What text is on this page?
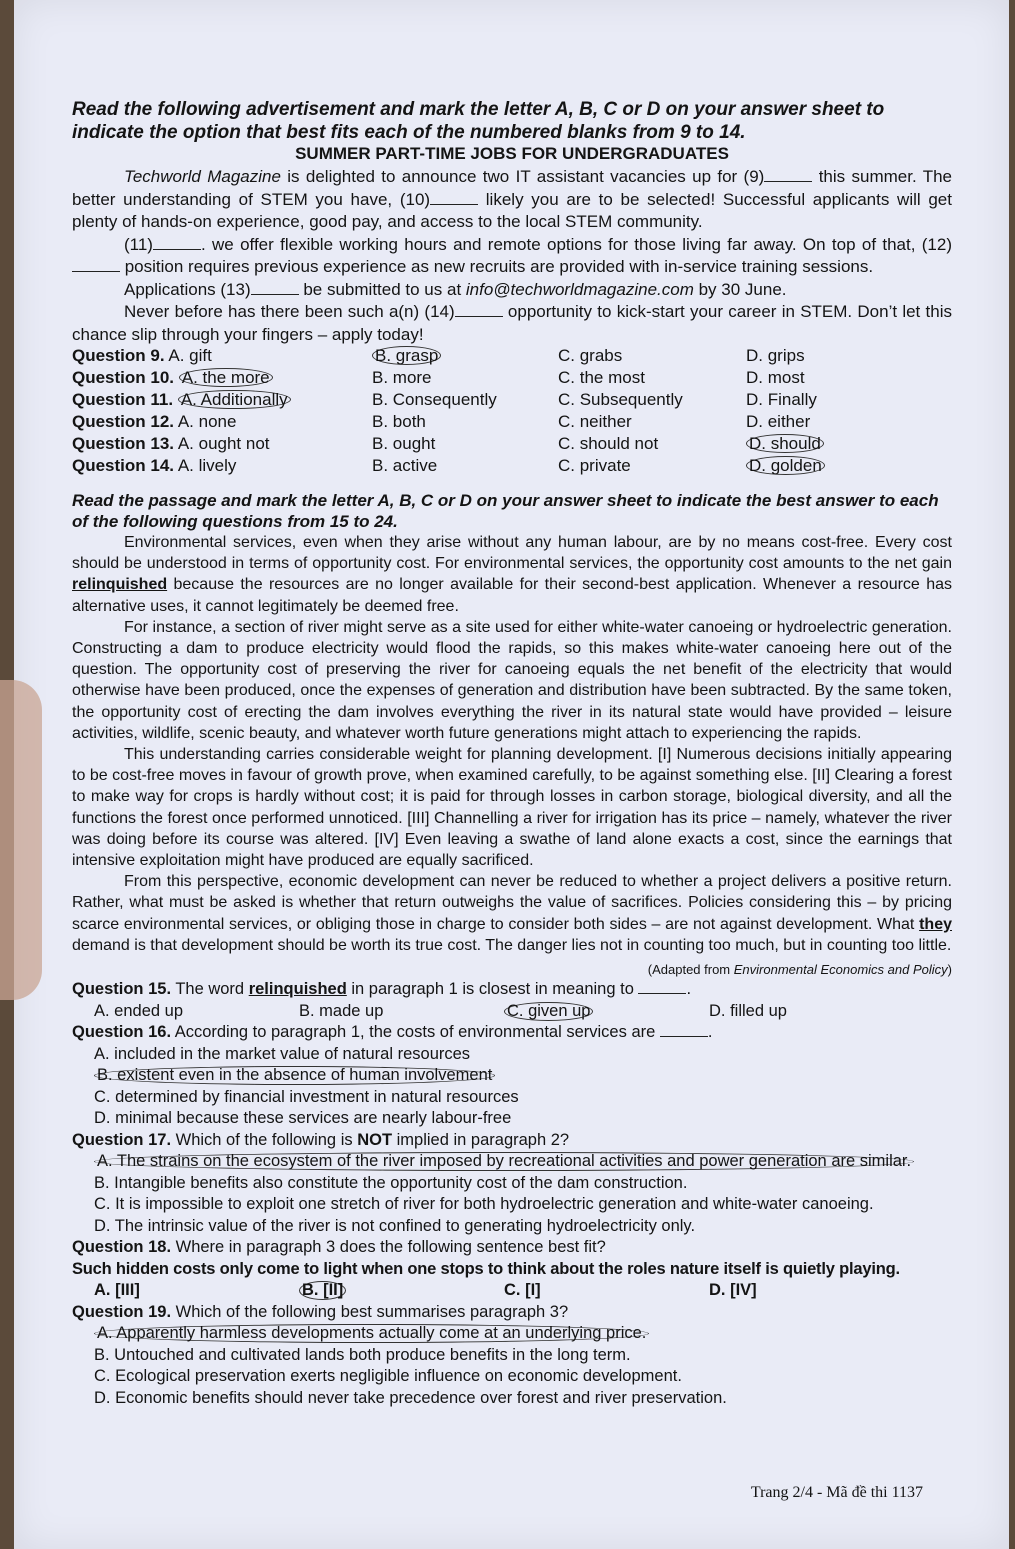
Read the following advertisement and mark the letter A, B, C or D on your answer sheet to indicate the option that best fits each of the numbered blanks from 9 to 14.

SUMMER PART-TIME JOBS FOR UNDERGRADUATES

Techworld Magazine is delighted to announce two IT assistant vacancies up for (9)	this summer. The better understanding of STEM you have, (10)	likely you are to be selected! Successful applicants will get plenty of hands-on experience, good pay, and access to the local STEM community.

(11)	. we offer flexible working hours and remote options for those living far away. On top of that, (12) position requires previous experience as new recruits are provided with in-service training sessions.

Applications (13)	be submitted to us at info@techworldmagazine.com by 30 June.

Never before has there been such a(n) (14)	opportunity to kick-start your career in STEM. Don’t let this chance slip through your fingers – apply today!

Question 9. A. gift	B. grasp	C. grabs	D. grips
Question 10. A. the more	B. more	C. the most	D. most
Question 11. A. Additionally	B. Consequently	C. Subsequently	D. Finally
Question 12. A. none	B. both	C. neither	D. either
Question 13. A. ought not	B. ought	C. should not	D. should
Question 14. A. lively	B. active	C. private	D. golden

Read the passage and mark the letter A, B, C or D on your answer sheet to indicate the best answer to each of the following questions from 15 to 24.

Environmental services, even when they arise without any human labour, are by no means cost-free. Every cost should be understood in terms of opportunity cost. For environmental services, the opportunity cost amounts to the net gain relinquished because the resources are no longer available for their second-best application. Whenever a resource has alternative uses, it cannot legitimately be deemed free.

For instance, a section of river might serve as a site used for either white-water canoeing or hydroelectric generation. Constructing a dam to produce electricity would flood the rapids, so this makes white-water canoeing here out of the question. The opportunity cost of preserving the river for canoeing equals the net benefit of the electricity that would otherwise have been produced, once the expenses of generation and distribution have been subtracted. By the same token, the opportunity cost of erecting the dam involves everything the river in its natural state would have provided – leisure activities, wildlife, scenic beauty, and whatever worth future generations might attach to experiencing the rapids.

This understanding carries considerable weight for planning development. [I] Numerous decisions initially appearing to be cost-free moves in favour of growth prove, when examined carefully, to be against something else. [II] Clearing a forest to make way for crops is hardly without cost; it is paid for through losses in carbon storage, biological diversity, and all the functions the forest once performed unnoticed. [III] Channelling a river for irrigation has its price – namely, whatever the river was doing before its course was altered. [IV] Even leaving a swathe of land alone exacts a cost, since the earnings that intensive exploitation might have produced are equally sacrificed.

From this perspective, economic development can never be reduced to whether a project delivers a positive return. Rather, what must be asked is whether that return outweighs the value of sacrifices. Policies considering this – by pricing scarce environmental services, or obliging those in charge to consider both sides – are not against development. What they demand is that development should be worth its true cost. The danger lies not in counting too much, but in counting too little.

(Adapted from Environmental Economics and Policy)

Question 15. The word relinquished in paragraph 1 is closest in meaning to	.

A. ended up	B. made up	C. given up	D. filled up

Question 16. According to paragraph 1, the costs of environmental services are	.

A. included in the market value of natural resources

B. existent even in the absence of human involvement

C. determined by financial investment in natural resources

D. minimal because these services are nearly labour-free

Question 17. Which of the following is NOT implied in paragraph 2?

A. The strains on the ecosystem of the river imposed by recreational activities and power generation are similar.

B. Intangible benefits also constitute the opportunity cost of the dam construction.

C. It is impossible to exploit one stretch of river for both hydroelectric generation and white-water canoeing.

D. The intrinsic value of the river is not confined to generating hydroelectricity only.

Question 18. Where in paragraph 3 does the following sentence best fit?

Such hidden costs only come to light when one stops to think about the roles nature itself is quietly playing.

A. [III]	B. [II]	C. [I]	D. [IV]

Question 19. Which of the following best summarises paragraph 3?

A. Apparently harmless developments actually come at an underlying price.

B. Untouched and cultivated lands both produce benefits in the long term.

C. Ecological preservation exerts negligible influence on economic development.

D. Economic benefits should never take precedence over forest and river preservation.

Trang 2/4 - Mã đề thi 1137
